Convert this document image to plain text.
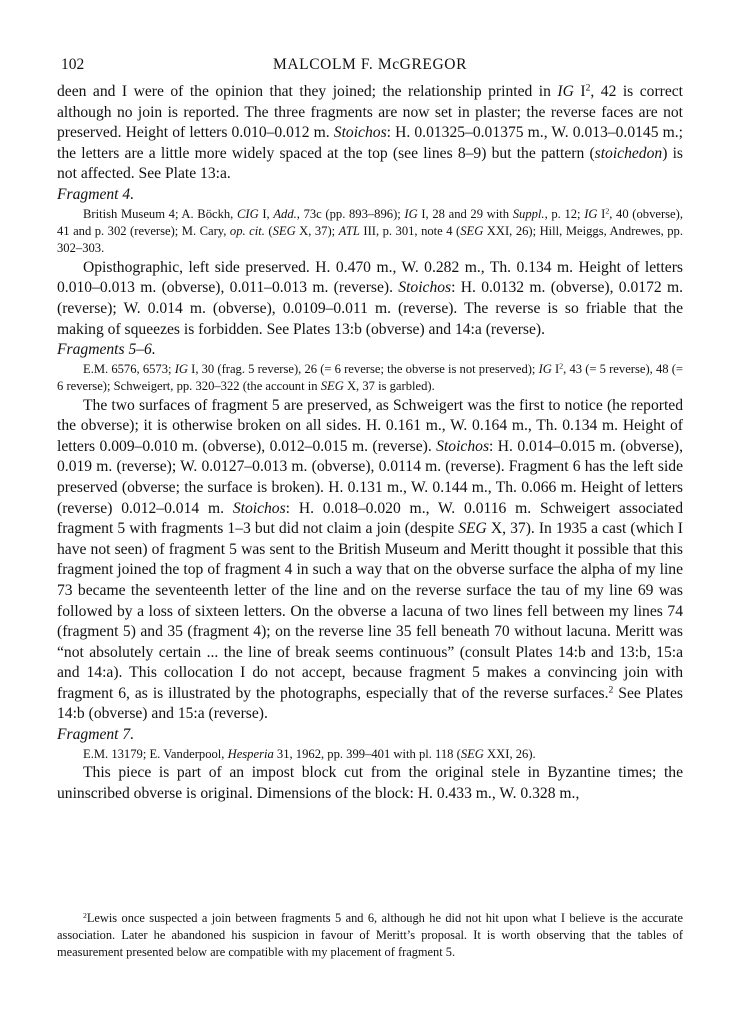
102	MALCOLM F. McGREGOR

deen and I were of the opinion that they joined; the relationship printed in IG $I^2$, 42 is correct although no join is reported. The three fragments are now set in plaster; the reverse faces are not preserved. Height of letters 0.010–0.012 m. Stoichos: H. 0.01325–0.01375 m., W. 0.013–0.0145 m.; the letters are a little more widely spaced at the top (see lines 8–9) but the pattern (stoichedon) is not affected. See Plate 13:a.

Fragment 4.

British Museum 4; A. Böckh, CIG I, Add., 73c (pp. 893–896); IG I, 28 and 29 with Suppl., p. 12; IG $I^2$, 40 (obverse), 41 and p. 302 (reverse); M. Cary, op. cit. (SEG X, 37); ATL III, p. 301, note 4 (SEG XXI, 26); Hill, Meiggs, Andrewes, pp. 302–303.

Opisthographic, left side preserved. H. 0.470 m., W. 0.282 m., Th. 0.134 m. Height of letters 0.010–0.013 m. (obverse), 0.011–0.013 m. (reverse). Stoichos: H. 0.0132 m. (obverse), 0.0172 m. (reverse); W. 0.014 m. (obverse), 0.0109–0.011 m. (reverse). The reverse is so friable that the making of squeezes is forbidden. See Plates 13:b (obverse) and 14:a (reverse).

Fragments 5–6.

E.M. 6576, 6573; IG I, 30 (frag. 5 reverse), 26 (= 6 reverse; the obverse is not preserved); IG $I^2$, 43 (= 5 reverse), 48 (= 6 reverse); Schweigert, pp. 320–322 (the account in SEG X, 37 is garbled).

The two surfaces of fragment 5 are preserved, as Schweigert was the first to notice (he reported the obverse); it is otherwise broken on all sides. H. 0.161 m., W. 0.164 m., Th. 0.134 m. Height of letters 0.009–0.010 m. (obverse), 0.012–0.015 m. (reverse). Stoichos: H. 0.014–0.015 m. (obverse), 0.019 m. (reverse); W. 0.0127–0.013 m. (obverse), 0.0114 m. (reverse). Fragment 6 has the left side preserved (obverse; the surface is broken). H. 0.131 m., W. 0.144 m., Th. 0.066 m. Height of letters (reverse) 0.012–0.014 m. Stoichos: H. 0.018–0.020 m., W. 0.0116 m. Schweigert associated fragment 5 with fragments 1–3 but did not claim a join (despite SEG X, 37). In 1935 a cast (which I have not seen) of fragment 5 was sent to the British Museum and Meritt thought it possible that this fragment joined the top of fragment 4 in such a way that on the obverse surface the alpha of my line 73 became the seventeenth letter of the line and on the reverse surface the tau of my line 69 was followed by a loss of sixteen letters. On the obverse a lacuna of two lines fell between my lines 74 (fragment 5) and 35 (fragment 4); on the reverse line 35 fell beneath 70 without lacuna. Meritt was “not absolutely certain ... the line of break seems continuous” (consult Plates 14:b and 13:b, 15:a and 14:a). This collocation I do not accept, because fragment 5 makes a convincing join with fragment 6, as is illustrated by the photographs, especially that of the reverse surfaces.$^2$ See Plates 14:b (obverse) and 15:a (reverse).

Fragment 7.

E.M. 13179; E. Vanderpool, Hesperia 31, 1962, pp. 399–401 with pl. 118 (SEG XXI, 26).

This piece is part of an impost block cut from the original stele in Byzantine times; the uninscribed obverse is original. Dimensions of the block: H. 0.433 m., W. 0.328 m.,

$^2$Lewis once suspected a join between fragments 5 and 6, although he did not hit upon what I believe is the accurate association. Later he abandoned his suspicion in favour of Meritt’s proposal. It is worth observing that the tables of measurement presented below are compatible with my placement of fragment 5.
